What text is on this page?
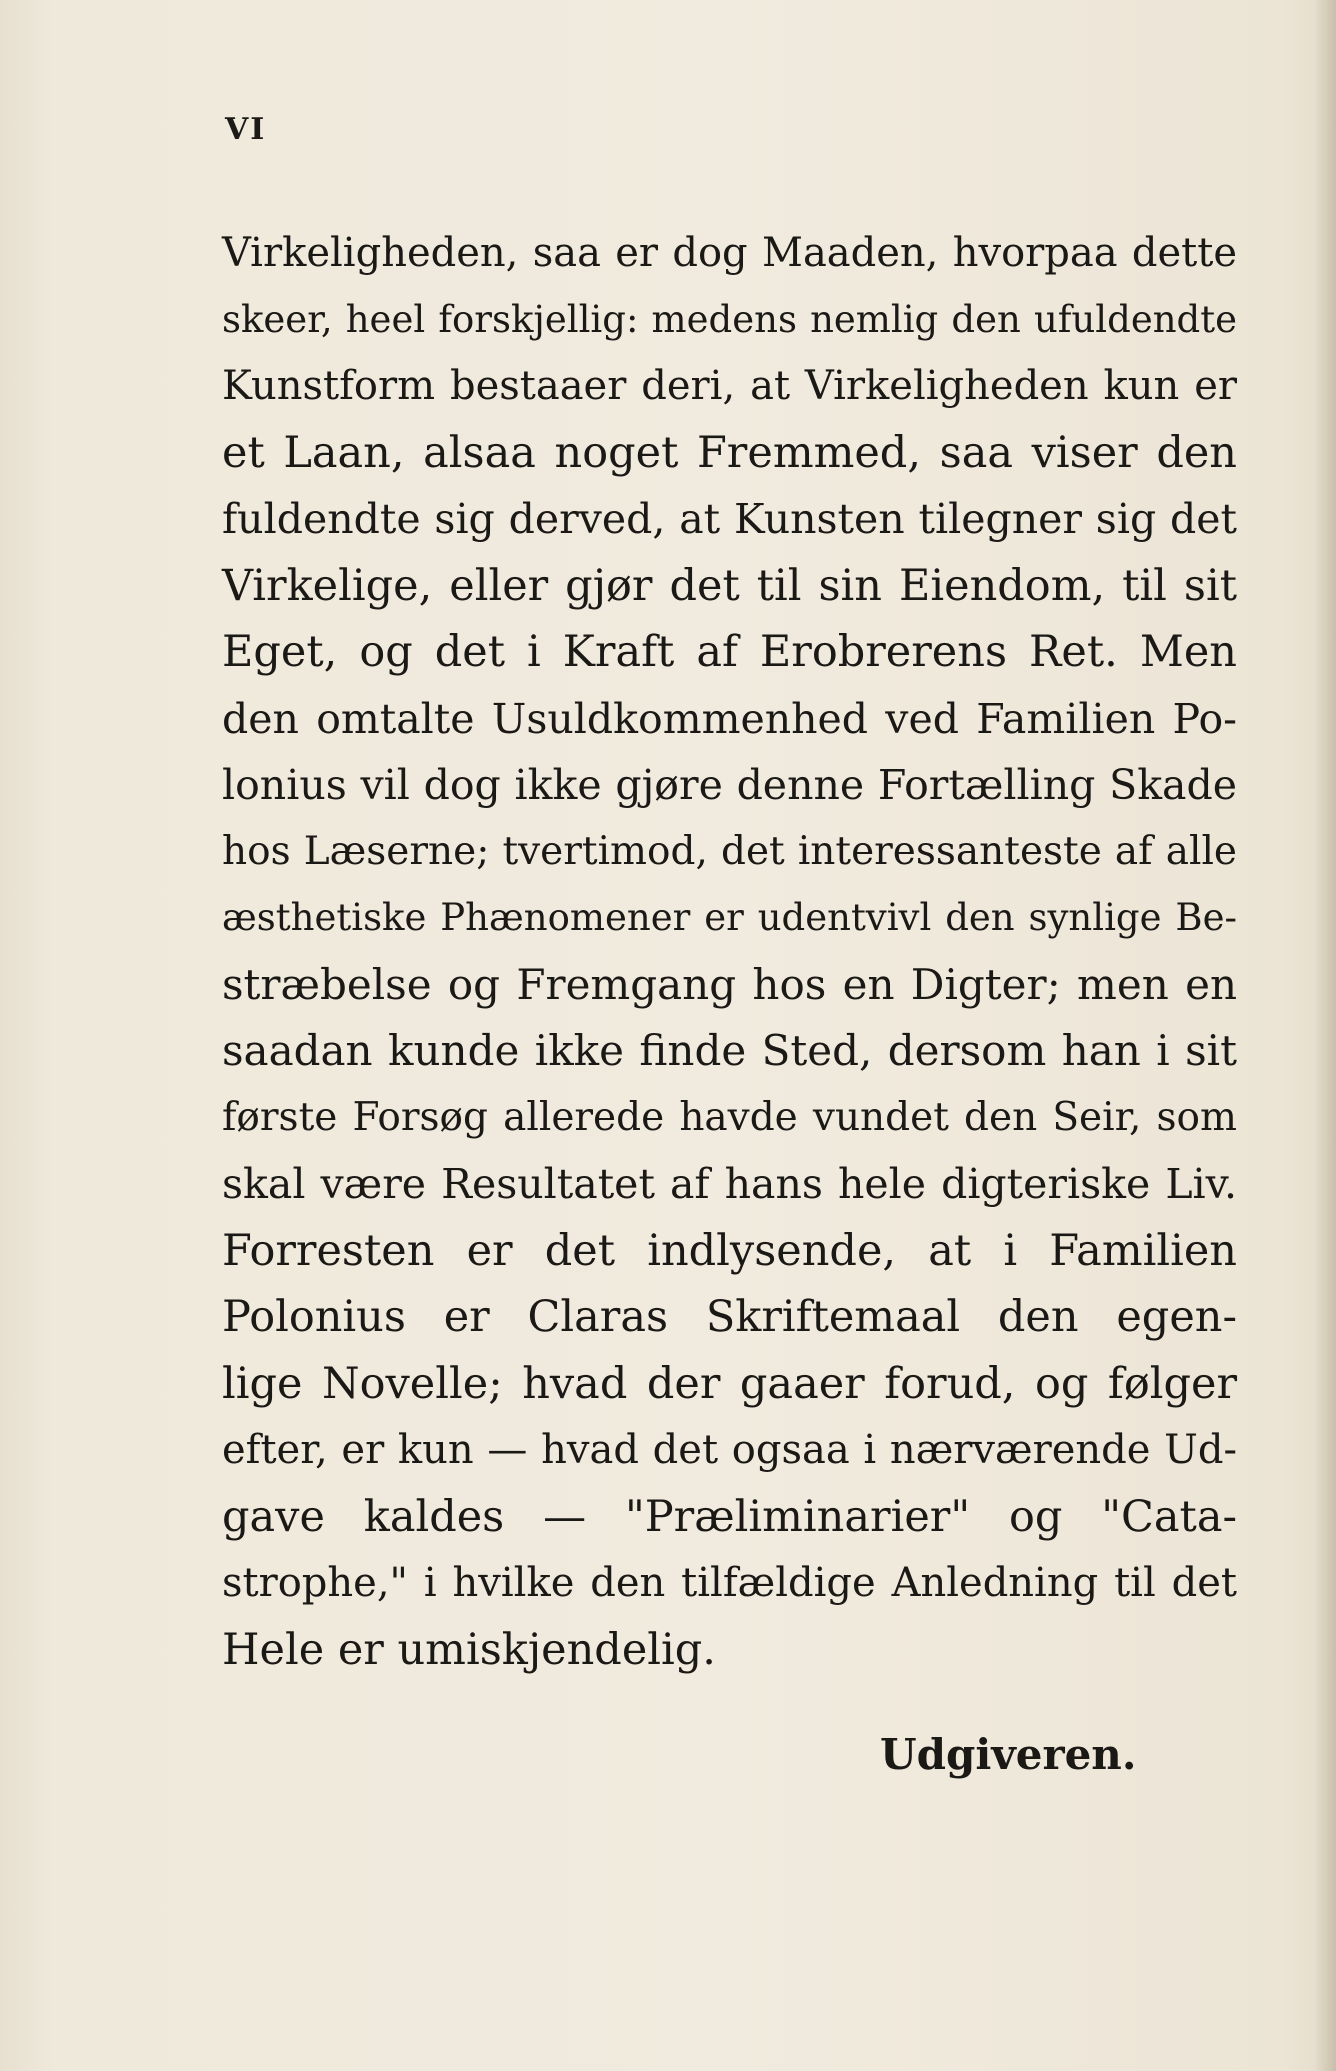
VI
Virkeligheden, saa er dog Maaden, hvorpaa dette
skeer, heel forskjellig: medens nemlig den ufuldendte
Kunstform bestaaer deri, at Virkeligheden kun er
et Laan, alsaa noget Fremmed, saa viser den
fuldendte sig derved, at Kunsten tilegner sig det
Virkelige, eller gjør det til sin Eiendom, til sit
Eget, og det i Kraft af Erobrerens Ret. Men
den omtalte Usuldkommenhed ved Familien Po-
lonius vil dog ikke gjøre denne Fortælling Skade
hos Læserne; tvertimod, det interessanteste af alle
æsthetiske Phænomener er udentvivl den synlige Be-
stræbelse og Fremgang hos en Digter; men en
saadan kunde ikke finde Sted, dersom han i sit
første Forsøg allerede havde vundet den Seir, som
skal være Resultatet af hans hele digteriske Liv.
Forresten er det indlysende, at i Familien
Polonius er Claras Skriftemaal den egen-
lige Novelle; hvad der gaaer forud, og følger
efter, er kun — hvad det ogsaa i nærværende Ud-
gave kaldes — "Præliminarier" og "Cata-
strophe," i hvilke den tilfældige Anledning til det
Hele er umiskjendelig.
Udgiveren.
